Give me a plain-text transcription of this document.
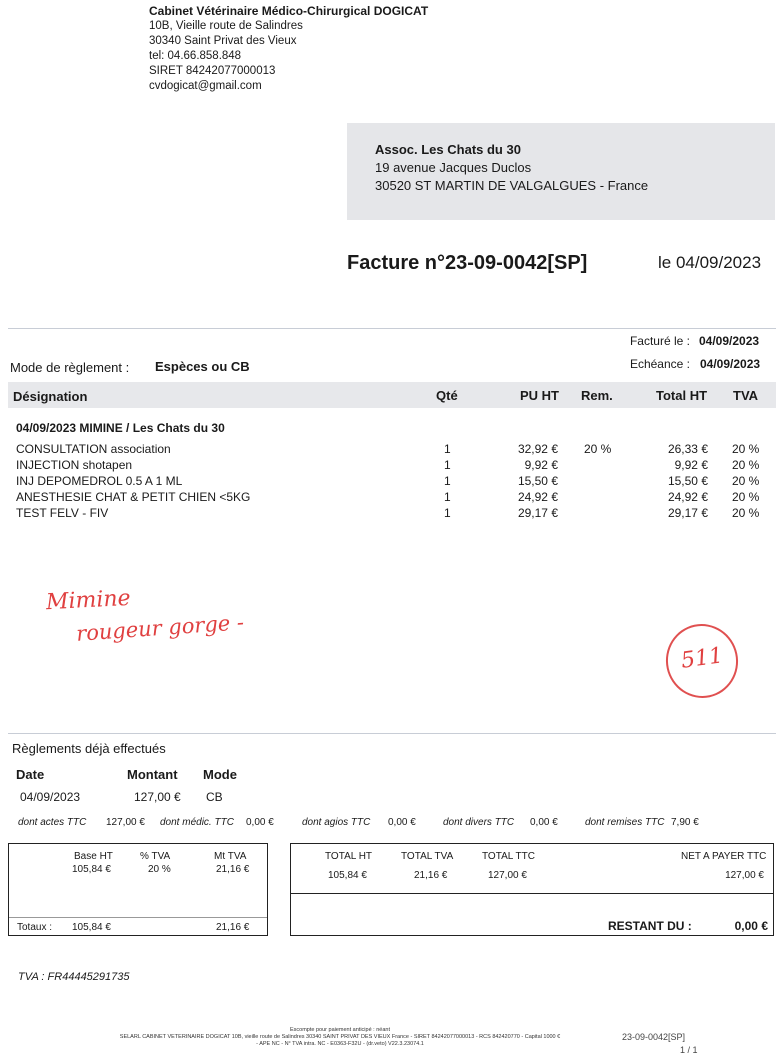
Cabinet Vétérinaire Médico-Chirurgical DOGICAT
10B, Vieille route de Salindres
30340 Saint Privat des Vieux
tel: 04.66.858.848
SIRET 84242077000013
cvdogicat@gmail.com
Assoc. Les Chats du 30
19 avenue Jacques Duclos
30520 ST MARTIN DE VALGALGUES - France
Facture n°23-09-0042[SP]	le 04/09/2023
Facturé le : 04/09/2023
Echéance : 04/09/2023
Mode de règlement : Espèces ou CB
Désignation	Qté	PU HT Rem.	Total HT TVA
04/09/2023 MIMINE / Les Chats du 30
CONSULTATION association	1	32,92 € 20 %	26,33 € 20 %
INJECTION shotapen	1	9,92 €	9,92 € 20 %
INJ DEPOMEDROL 0.5 A 1 ML	1	15,50 €	15,50 € 20 %
ANESTHESIE CHAT & PETIT CHIEN <5KG	1	24,92 €	24,92 € 20 %
TEST FELV - FIV	1	29,17 €	29,17 € 20 %
Mimine
rougeur gorge -
511
Règlements déjà effectués
Date	Montant Mode
04/09/2023	127,00 € CB
dont actes TTC 127,00 € dont médic. TTC 0,00 €	dont agios TTC 0,00 €	dont divers TTC 0,00 €	dont remises TTC 7,90 €
Base HT	% TVA	Mt TVA
105,84 €	20 %	21,16 €
Totaux : 105,84 €	21,16 €
TOTAL HT	TOTAL TVA	TOTAL TTC	NET A PAYER TTC
105,84 €	21,16 €	127,00 €	127,00 €
RESTANT DU :	0,00 €
TVA : FR44445291735
Escompte pour paiement anticipé : néant
SELARL CABINET VETERINAIRE DOGICAT 10B, vieille route de Salindres 30340 SAINT PRIVAT DES VIEUX France - SIRET 84242077000013 - RCS 842420770 - Capital 1000 €
- APE NC - N° TVA intra. NC - E0363-F32U - (dr.veto) V22.3.23074.1
23-09-0042[SP]
1 / 1
